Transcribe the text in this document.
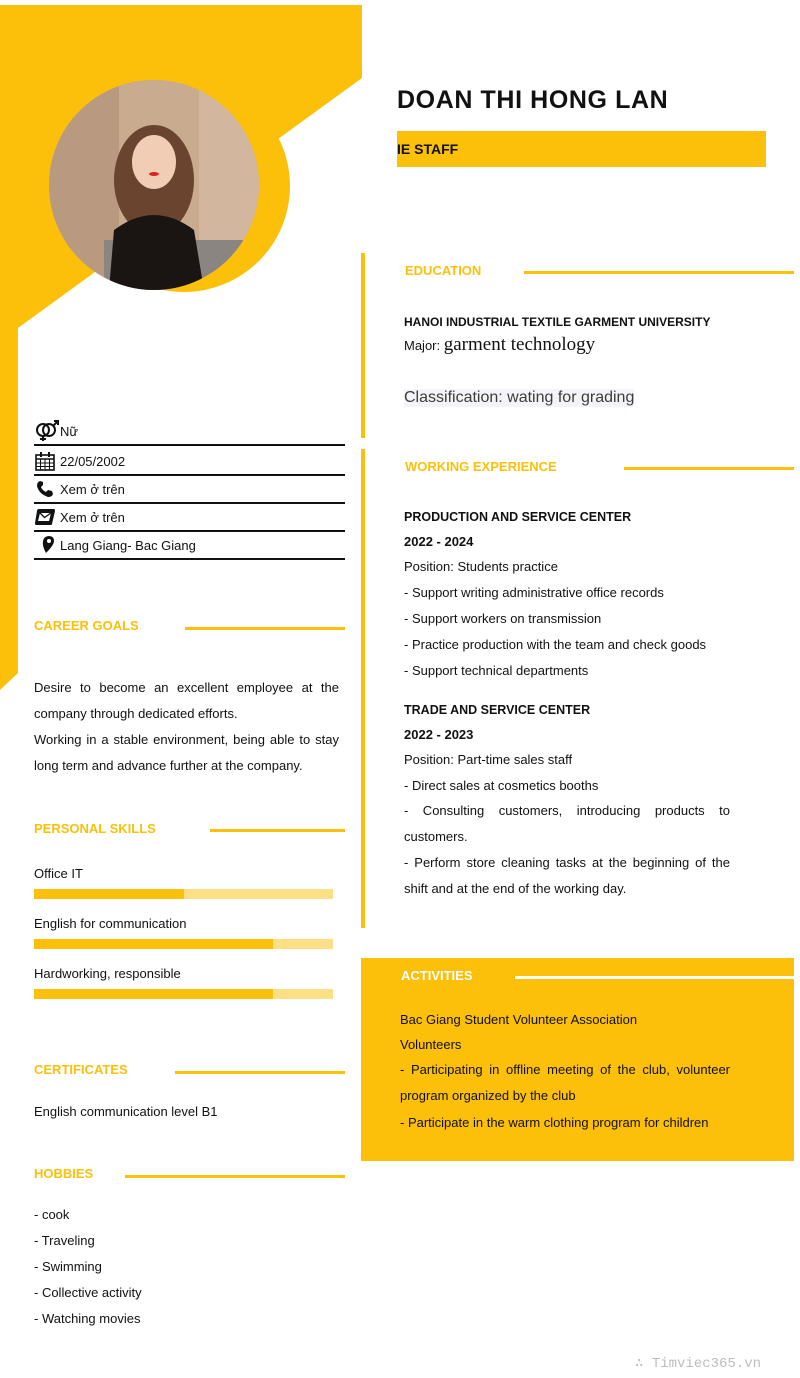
DOAN THI HONG LAN
IE STAFF
Nữ
22/05/2002
Xem ở trên
Xem ở trên
Lang Giang- Bac Giang
CAREER GOALS
Desire to become an excellent employee at the company through dedicated efforts.
Working in a stable environment, being able to stay long term and advance further at the company.
PERSONAL SKILLS
Office IT
English for communication
Hardworking, responsible
CERTIFICATES
English communication level B1
HOBBIES
- cook
- Traveling
- Swimming
- Collective activity
- Watching movies
EDUCATION
HANOI INDUSTRIAL TEXTILE GARMENT UNIVERSITY
Major: garment technology
Classification: wating for grading
WORKING EXPERIENCE
PRODUCTION AND SERVICE CENTER
2022 - 2024
Position: Students practice
- Support writing administrative office records
- Support workers on transmission
- Practice production with the team and check goods
- Support technical departments
TRADE AND SERVICE CENTER
2022 - 2023
Position: Part-time sales staff
- Direct sales at cosmetics booths
- Consulting customers, introducing products to customers.
- Perform store cleaning tasks at the beginning of the shift and at the end of the working day.
ACTIVITIES
Bac Giang Student Volunteer Association
Volunteers
- Participating in offline meeting of the club, volunteer program organized by the club
- Participate in the warm clothing program for children
∴ Timviec365.vn
